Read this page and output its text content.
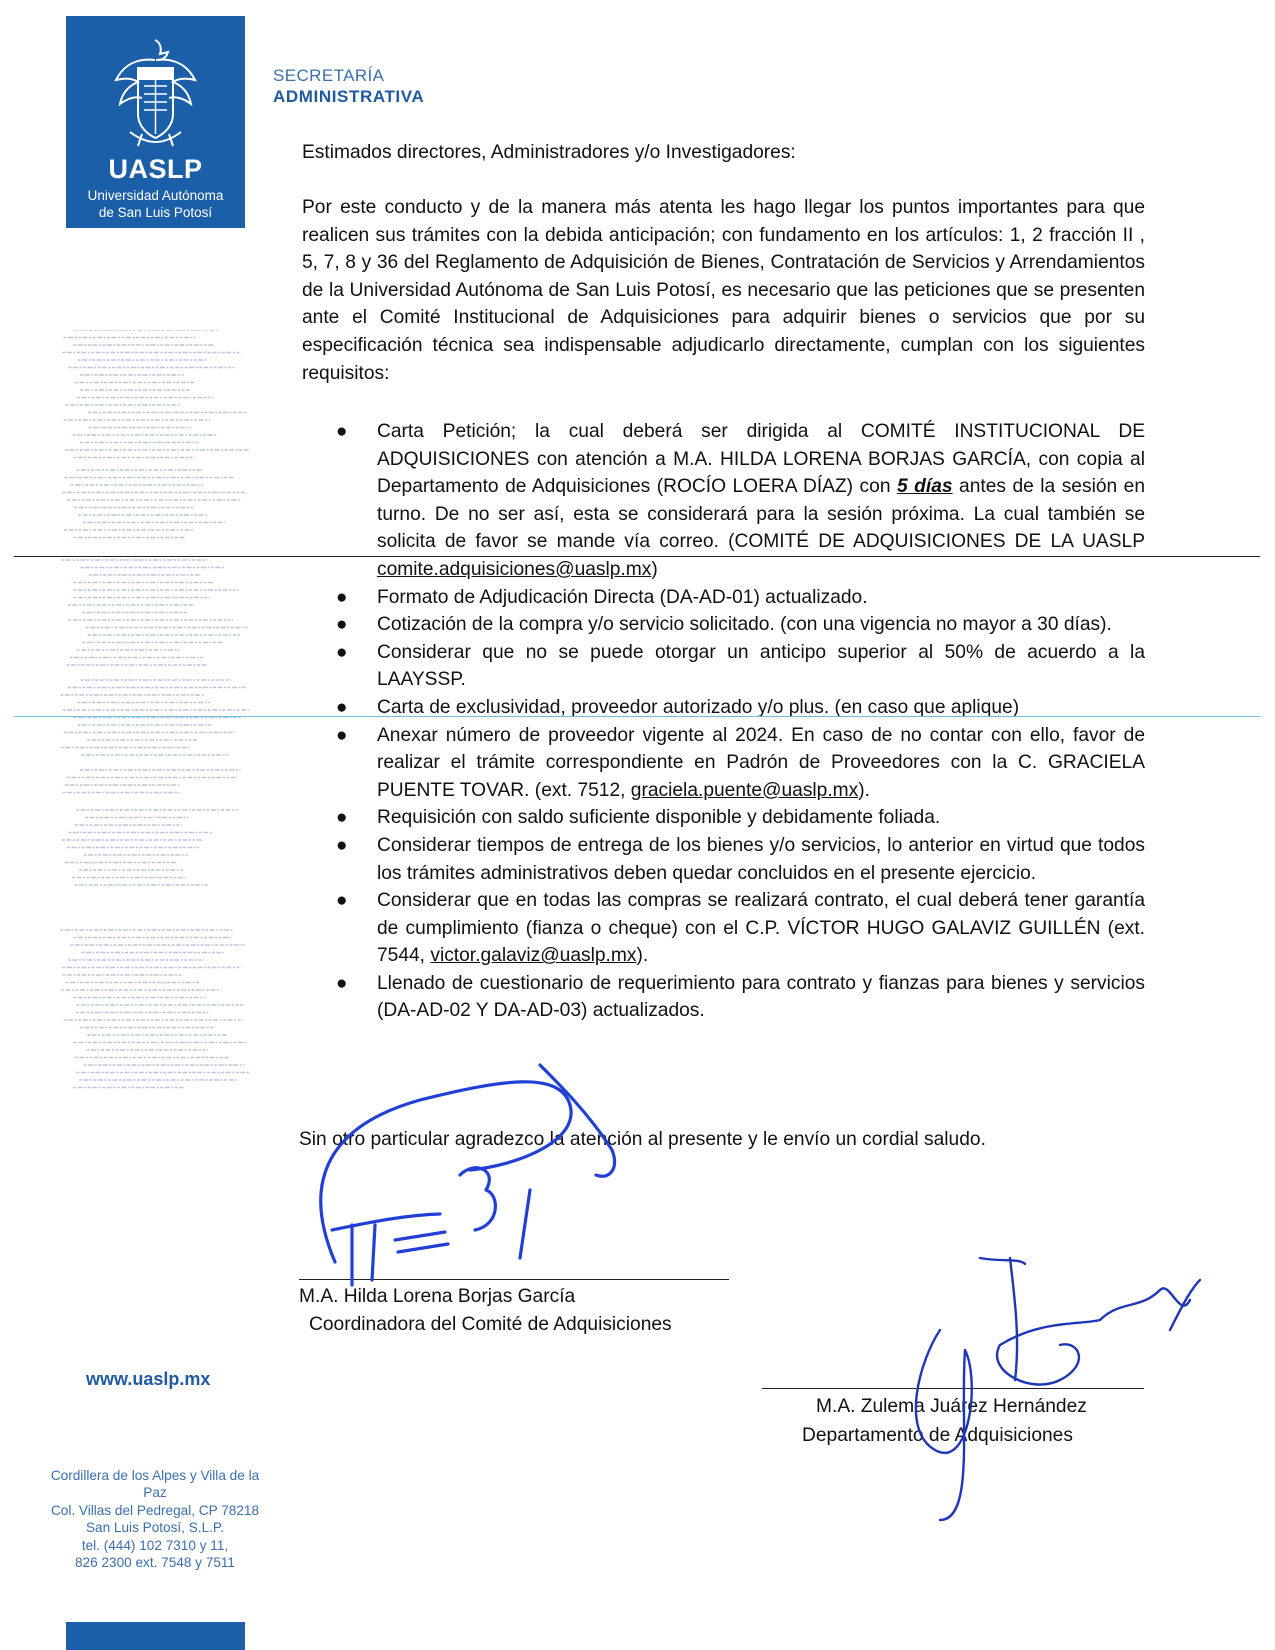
UASLP
Universidad Autónoma
de San Luis Potosí
SECRETARÍA
ADMINISTRATIVA
Estimados directores, Administradores y/o Investigadores:
Por este conducto y de la manera más atenta les hago llegar los puntos importantes para que realicen sus trámites con la debida anticipación; con fundamento en los artículos: 1, 2 fracción II , 5, 7, 8 y 36 del Reglamento de Adquisición de Bienes, Contratación de Servicios y Arrendamientos de la Universidad Autónoma de San Luis Potosí, es necesario que las peticiones que se presenten ante el Comité Institucional de Adquisiciones para adquirir bienes o servicios que por su especificación técnica sea indispensable adjudicarlo directamente, cumplan con los siguientes requisitos:
● Carta Petición; la cual deberá ser dirigida al COMITÉ INSTITUCIONAL DE ADQUISICIONES con atención a M.A. HILDA LORENA BORJAS GARCÍA, con copia al Departamento de Adquisiciones (ROCÍO LOERA DÍAZ) con 5 días antes de la sesión en turno. De no ser así, esta se considerará para la sesión próxima. La cual también se solicita de favor se mande vía correo. (COMITÉ DE ADQUISICIONES DE LA UASLP comite.adquisiciones@uaslp.mx)
● Formato de Adjudicación Directa (DA-AD-01) actualizado.
● Cotización de la compra y/o servicio solicitado. (con una vigencia no mayor a 30 días).
● Considerar que no se puede otorgar un anticipo superior al 50% de acuerdo a la LAAYSSP.
● Carta de exclusividad, proveedor autorizado y/o plus. (en caso que aplique)
● Anexar número de proveedor vigente al 2024. En caso de no contar con ello, favor de realizar el trámite correspondiente en Padrón de Proveedores con la C. GRACIELA PUENTE TOVAR. (ext. 7512, graciela.puente@uaslp.mx).
● Requisición con saldo suficiente disponible y debidamente foliada.
● Considerar tiempos de entrega de los bienes y/o servicios, lo anterior en virtud que todos los trámites administrativos deben quedar concluidos en el presente ejercicio.
● Considerar que en todas las compras se realizará contrato, el cual deberá tener garantía de cumplimiento (fianza o cheque) con el C.P. VÍCTOR HUGO GALAVIZ GUILLÉN (ext. 7544, victor.galaviz@uaslp.mx).
● Llenado de cuestionario de requerimiento para contrato y fianzas para bienes y servicios (DA-AD-02 Y DA-AD-03) actualizados.
Sin otro particular agradezco la atención al presente y le envío un cordial saludo.
M.A. Hilda Lorena Borjas García
Coordinadora del Comité de Adquisiciones
M.A. Zulema Juárez Hernández
Departamento de Adquisiciones
www.uaslp.mx
Cordillera de los Alpes y Villa de la Paz
Col. Villas del Pedregal, CP 78218
San Luis Potosí, S.L.P.
tel. (444) 102 7310 y 11,
826 2300 ext. 7548 y 7511
